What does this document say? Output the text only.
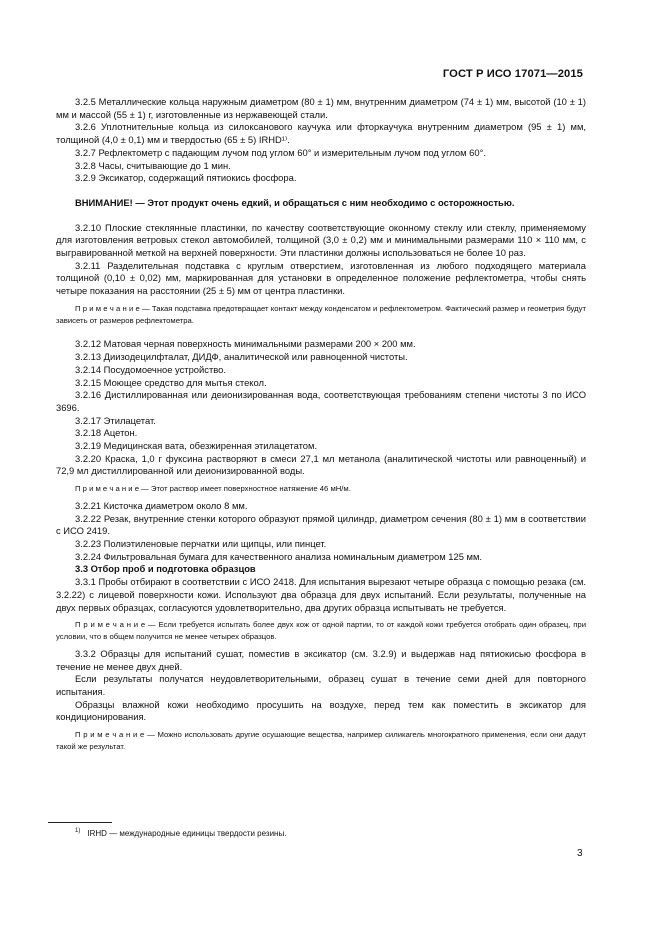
ГОСТ Р ИСО 17071—2015
3.2.5 Металлические кольца наружным диаметром (80 ± 1) мм, внутренним диаметром (74 ± 1) мм, высотой (10 ± 1) мм и массой (55 ± 1) г, изготовленные из нержавеющей стали.
3.2.6 Уплотнительные кольца из силоксанового каучука или фторкаучука внутренним диаметром (95 ± 1) мм, толщиной (4,0 ± 0,1) мм и твердостью (65 ± 5) IRHD¹⁾.
3.2.7 Рефлектометр с падающим лучом под углом 60° и измерительным лучом под углом 60°.
3.2.8 Часы, считывающие до 1 мин.
3.2.9 Эксикатор, содержащий пятиокись фосфора.
ВНИМАНИЕ! — Этот продукт очень едкий, и обращаться с ним необходимо с осторожностью.
3.2.10 Плоские стеклянные пластинки, по качеству соответствующие оконному стеклу или стеклу, применяемому для изготовления ветровых стекол автомобилей, толщиной (3,0 ± 0,2) мм и минимальными размерами 110 × 110 мм, с выгравированной меткой на верхней поверхности. Эти пластинки должны использоваться не более 10 раз.
3.2.11 Разделительная подставка с круглым отверстием, изготовленная из любого подходящего материала толщиной (0,10 ± 0,02) мм, маркированная для установки в определенное положение рефлектометра, чтобы снять четыре показания на расстоянии (25 ± 5) мм от центра пластинки.
П р и м е ч а н и е — Такая подставка предотвращает контакт между конденсатом и рефлектометром. Фактический размер и геометрия будут зависеть от размеров рефлектометра.
3.2.12 Матовая черная поверхность минимальными размерами 200 × 200 мм.
3.2.13 Диизодецилфталат, ДИДФ, аналитической или равноценной чистоты.
3.2.14 Посудомоечное устройство.
3.2.15 Моющее средство для мытья стекол.
3.2.16 Дистиллированная или деионизированная вода, соответствующая требованиям степени чистоты 3 по ИСО 3696.
3.2.17 Этилацетат.
3.2.18 Ацетон.
3.2.19 Медицинская вата, обезжиренная этилацетатом.
3.2.20 Краска, 1,0 г фуксина растворяют в смеси 27,1 мл метанола (аналитической чистоты или равноценный) и 72,9 мл дистиллированной или деионизированной воды.
П р и м е ч а н и е — Этот раствор имеет поверхностное натяжение 46 мН/м.
3.2.21 Кисточка диаметром около 8 мм.
3.2.22 Резак, внутренние стенки которого образуют прямой цилиндр, диаметром сечения (80 ± 1) мм в соответствии с ИСО 2419.
3.2.23 Полиэтиленовые перчатки или щипцы, или пинцет.
3.2.24 Фильтровальная бумага для качественного анализа номинальным диаметром 125 мм.
3.3 Отбор проб и подготовка образцов
3.3.1 Пробы отбирают в соответствии с ИСО 2418. Для испытания вырезают четыре образца с помощью резака (см. 3.2.22) с лицевой поверхности кожи. Используют два образца для двух испытаний. Если результаты, полученные на двух первых образцах, согласуются удовлетворительно, два других образца испытывать не требуется.
П р и м е ч а н и е — Если требуется испытать более двух кож от одной партии, то от каждой кожи требуется отобрать один образец, при условии, что в общем получится не менее четырех образцов.
3.3.2 Образцы для испытаний сушат, поместив в эксикатор (см. 3.2.9) и выдержав над пятиокисью фосфора в течение не менее двух дней.
Если результаты получатся неудовлетворительными, образец сушат в течение семи дней для повторного испытания.
Образцы влажной кожи необходимо просушить на воздухе, перед тем как поместить в эксикатор для кондиционирования.
П р и м е ч а н и е — Можно использовать другие осушающие вещества, например силикагель многократного применения, если они дадут такой же результат.
$^{1)}$ IRHD — международные единицы твердости резины.
3
